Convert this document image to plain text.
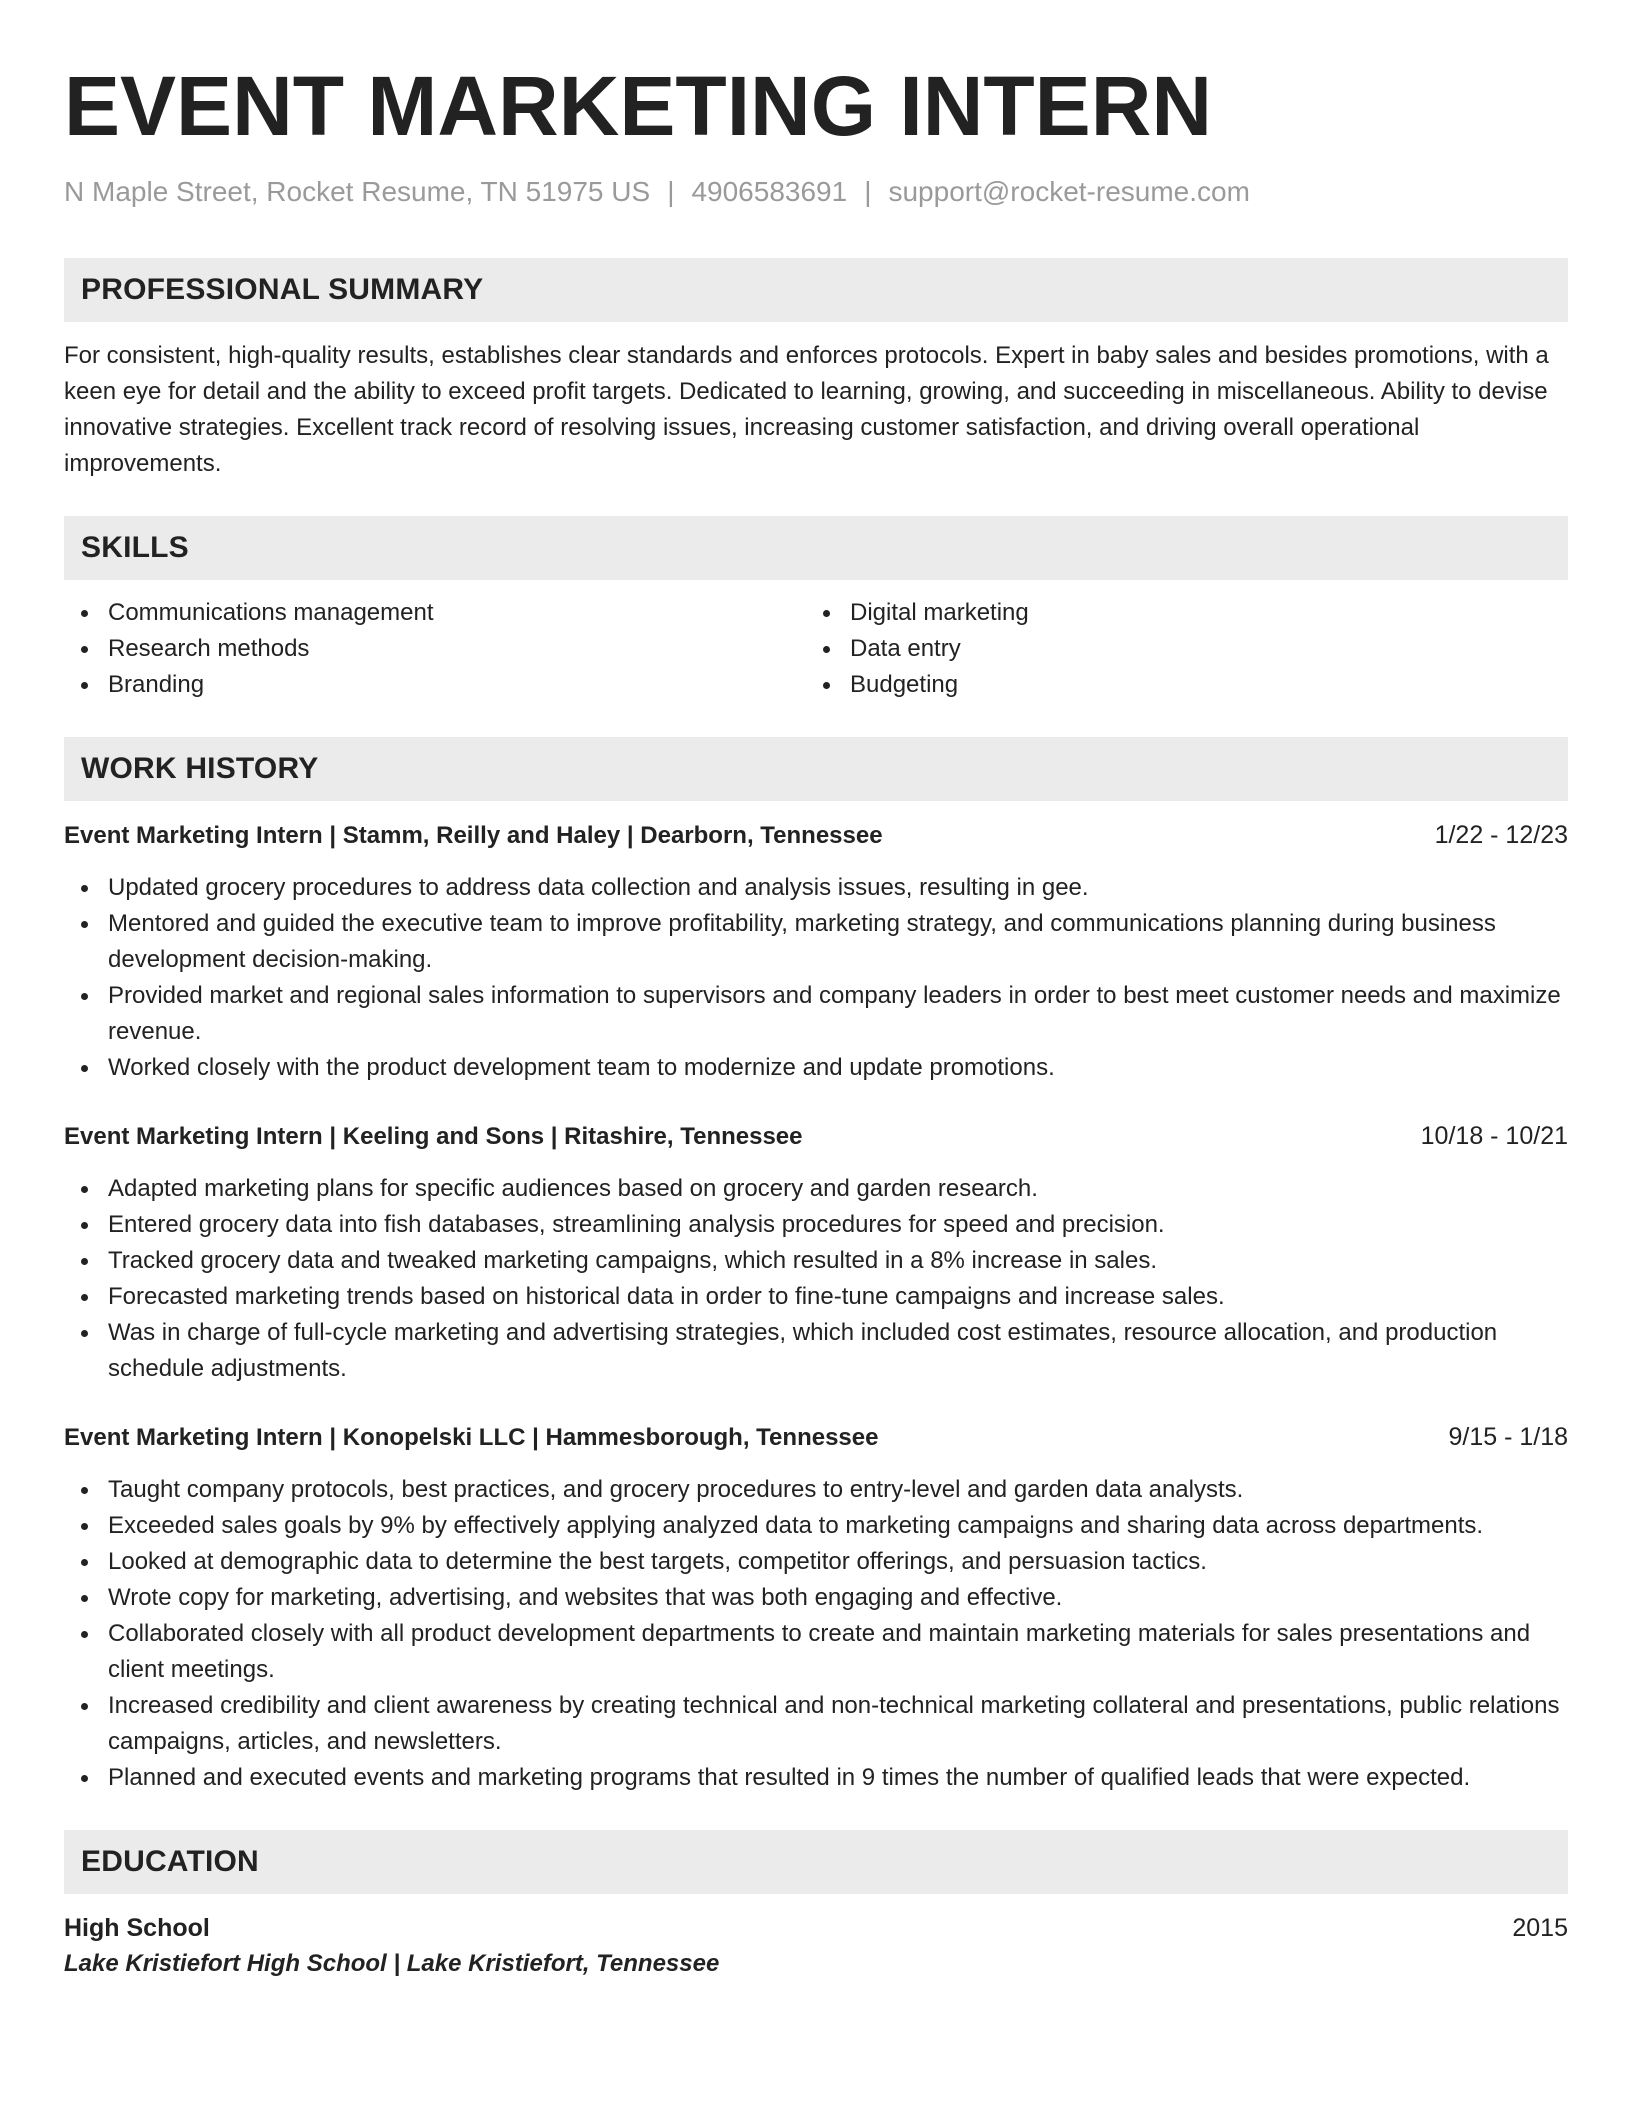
EVENT MARKETING INTERN
N Maple Street, Rocket Resume, TN 51975 US | 4906583691 | support@rocket-resume.com
PROFESSIONAL SUMMARY

For consistent, high-quality results, establishes clear standards and enforces protocols. Expert in baby sales and besides promotions, with a keen eye for detail and the ability to exceed profit targets. Dedicated to learning, growing, and succeeding in miscellaneous. Ability to devise innovative strategies. Excellent track record of resolving issues, increasing customer satisfaction, and driving overall operational improvements.

SKILLS
Communications management
Research methods
Branding
Digital marketing
Data entry
Budgeting
WORK HISTORY
Event Marketing Intern | Stamm, Reilly and Haley | Dearborn, Tennessee	1/22 - 12/23
Updated grocery procedures to address data collection and analysis issues, resulting in gee.
Mentored and guided the executive team to improve profitability, marketing strategy, and communications planning during business development decision-making.
Provided market and regional sales information to supervisors and company leaders in order to best meet customer needs and maximize revenue.
Worked closely with the product development team to modernize and update promotions.
Event Marketing Intern | Keeling and Sons | Ritashire, Tennessee	10/18 - 10/21
Adapted marketing plans for specific audiences based on grocery and garden research.
Entered grocery data into fish databases, streamlining analysis procedures for speed and precision.
Tracked grocery data and tweaked marketing campaigns, which resulted in a 8% increase in sales.
Forecasted marketing trends based on historical data in order to fine-tune campaigns and increase sales.
Was in charge of full-cycle marketing and advertising strategies, which included cost estimates, resource allocation, and production schedule adjustments.
Event Marketing Intern | Konopelski LLC | Hammesborough, Tennessee	9/15 - 1/18
Taught company protocols, best practices, and grocery procedures to entry-level and garden data analysts.
Exceeded sales goals by 9% by effectively applying analyzed data to marketing campaigns and sharing data across departments.
Looked at demographic data to determine the best targets, competitor offerings, and persuasion tactics.
Wrote copy for marketing, advertising, and websites that was both engaging and effective.
Collaborated closely with all product development departments to create and maintain marketing materials for sales presentations and client meetings.
Increased credibility and client awareness by creating technical and non-technical marketing collateral and presentations, public relations campaigns, articles, and newsletters.
Planned and executed events and marketing programs that resulted in 9 times the number of qualified leads that were expected.
EDUCATION
High School	2015
Lake Kristiefort High School | Lake Kristiefort, Tennessee
